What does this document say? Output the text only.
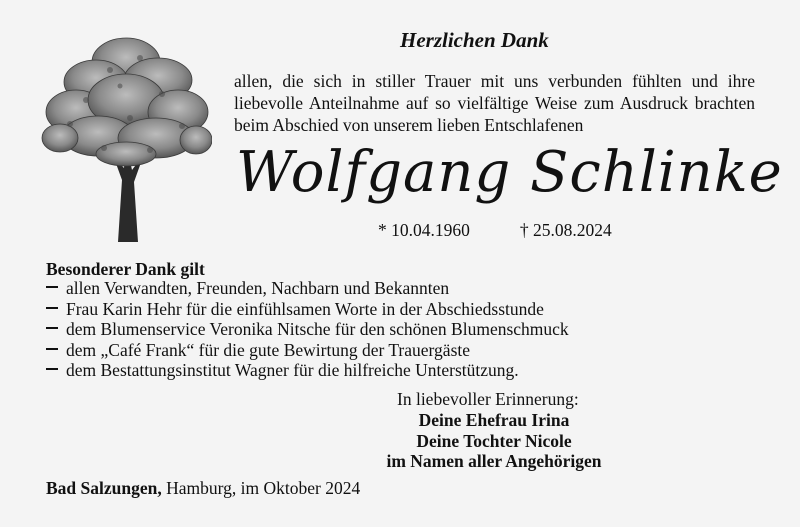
Herzlichen Dank
allen, die sich in stiller Trauer mit uns verbunden fühlten und ihre
liebevolle Anteilnahme auf so vielfältige Weise zum Ausdruck brachten
beim Abschied von unserem lieben Entschlafenen
Wolfgang Schlinke
* 10.04.1960	† 25.08.2024
Besonderer Dank gilt
allen Verwandten, Freunden, Nachbarn und Bekannten
Frau Karin Hehr für die einfühlsamen Worte in der Abschiedsstunde
dem Blumenservice Veronika Nitsche für den schönen Blumenschmuck
dem „Café Frank“ für die gute Bewirtung der Trauergäste
dem Bestattungsinstitut Wagner für die hilfreiche Unterstützung.
In liebevoller Erinnerung:
Deine Ehefrau Irina
Deine Tochter Nicole
im Namen aller Angehörigen
Bad Salzungen, Hamburg, im Oktober 2024
